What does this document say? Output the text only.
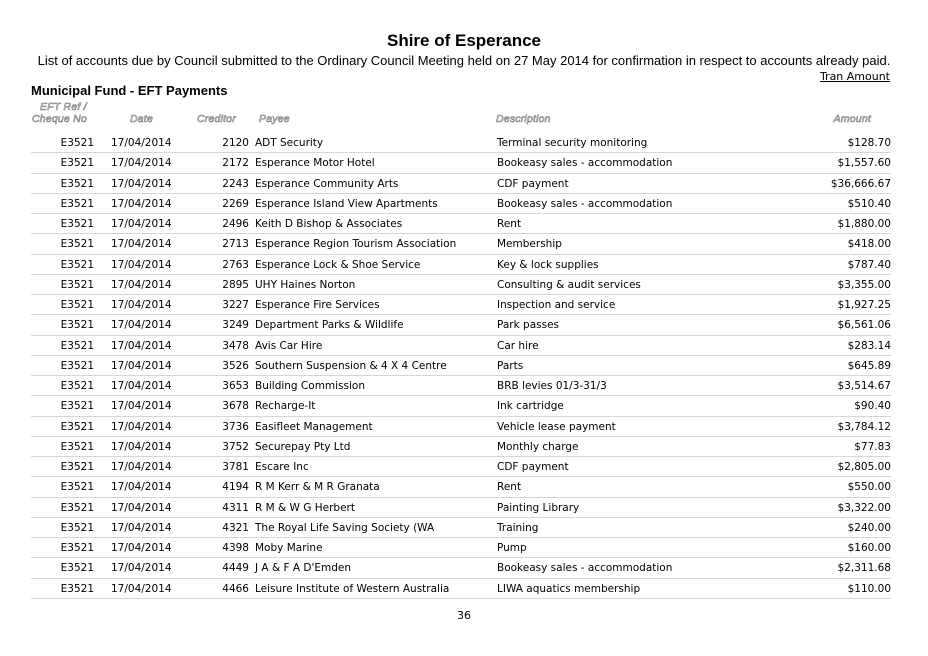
Shire of Esperance
List of accounts due by Council submitted to the Ordinary Council Meeting held on 27 May 2014 for confirmation in respect to accounts already paid.
Tran Amount
Municipal Fund - EFT Payments
EFT Ref /
Cheque No	Date	Creditor Payee	Description	Amount
E3521 17/04/2014	2120 ADT Security	Terminal security monitoring	$128.70
E3521 17/04/2014	2172 Esperance Motor Hotel	Bookeasy sales - accommodation	$1,557.60
E3521 17/04/2014	2243 Esperance Community Arts	CDF payment	$36,666.67
E3521 17/04/2014	2269 Esperance Island View Apartments	Bookeasy sales - accommodation	$510.40
E3521 17/04/2014	2496 Keith D Bishop & Associates	Rent	$1,880.00
E3521 17/04/2014	2713 Esperance Region Tourism Association	Membership	$418.00
E3521 17/04/2014	2763 Esperance Lock & Shoe Service	Key & lock supplies	$787.40
E3521 17/04/2014	2895 UHY Haines Norton	Consulting & audit services	$3,355.00
E3521 17/04/2014	3227 Esperance Fire Services	Inspection and service	$1,927.25
E3521 17/04/2014	3249 Department Parks & Wildlife	Park passes	$6,561.06
E3521 17/04/2014	3478 Avis Car Hire	Car hire	$283.14
E3521 17/04/2014	3526 Southern Suspension & 4 X 4 Centre	Parts	$645.89
E3521 17/04/2014	3653 Building Commission	BRB levies 01/3-31/3	$3,514.67
E3521 17/04/2014	3678 Recharge-It	Ink cartridge	$90.40
E3521 17/04/2014	3736 Easifleet Management	Vehicle lease payment	$3,784.12
E3521 17/04/2014	3752 Securepay Pty Ltd	Monthly charge	$77.83
E3521 17/04/2014	3781 Escare Inc	CDF payment	$2,805.00
E3521 17/04/2014	4194 R M Kerr & M R Granata	Rent	$550.00
E3521 17/04/2014	4311 R M & W G Herbert	Painting Library	$3,322.00
E3521 17/04/2014	4321 The Royal Life Saving Society (WA	Training	$240.00
E3521 17/04/2014	4398 Moby Marine	Pump	$160.00
E3521 17/04/2014	4449 J A & F A D'Emden	Bookeasy sales - accommodation	$2,311.68
E3521 17/04/2014	4466 Leisure Institute of Western Australia	LIWA aquatics membership	$110.00
36
